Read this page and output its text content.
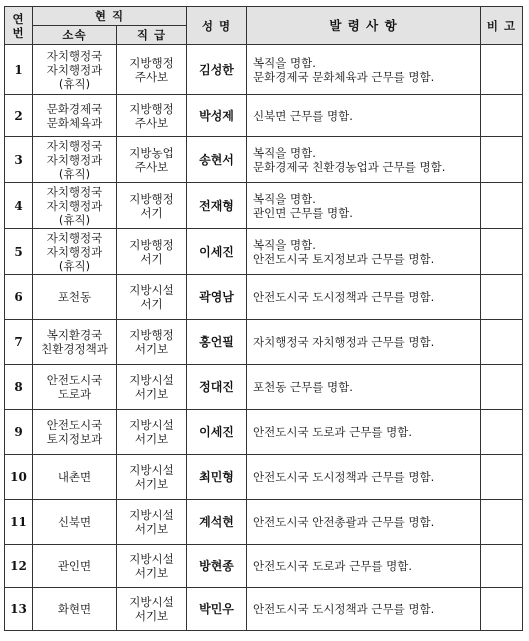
연
번	현 직		성 명	발 령 사 항	비 고
	소속	직 급			
1	자치행정국
자치행정과
(휴직)	지방행정
주사보	김성한	복직을 명함.
문화경제국 문화체육과 근무를 명함.	

2	문화경제국
문화체육과	지방행정
주사보	박성제	신북면 근무를 명함.	

3	자치행정국
자치행정과
(휴직)	지방농업
주사보	송현서	복직을 명함.
문화경제국 친환경농업과 근무를 명함.	

4	자치행정국
자치행정과
(휴직)	지방행정
서기	전재형	복직을 명함.
관인면 근무를 명함.	

5	자치행정국
자치행정과
(휴직)	지방행정
서기	이세진	복직을 명함.
안전도시국 토지정보과 근무를 명함.	

6	포천동	지방시설
서기	곽영남	안전도시국 도시정책과 근무를 명함.	

7	복지환경국
친환경정책과	지방행정
서기보	홍언필	자치행정국 자치행정과 근무를 명함.	

8	안전도시국
도로과	지방시설
서기보	정대진	포천동 근무를 명함.	

9	안전도시국
토지정보과	지방시설
서기보	이세진	안전도시국 도로과 근무를 명함.	

10	내촌면	지방시설
서기보	최민형	안전도시국 도시정책과 근무를 명함.	

11	신북면	지방시설
서기보	계석현	안전도시국 안전총괄과 근무를 명함.	

12	관인면	지방시설
서기보	방현종	안전도시국 도로과 근무를 명함.	

13	화현면	지방시설
서기보	박민우	안전도시국 도시정책과 근무를 명함.	
